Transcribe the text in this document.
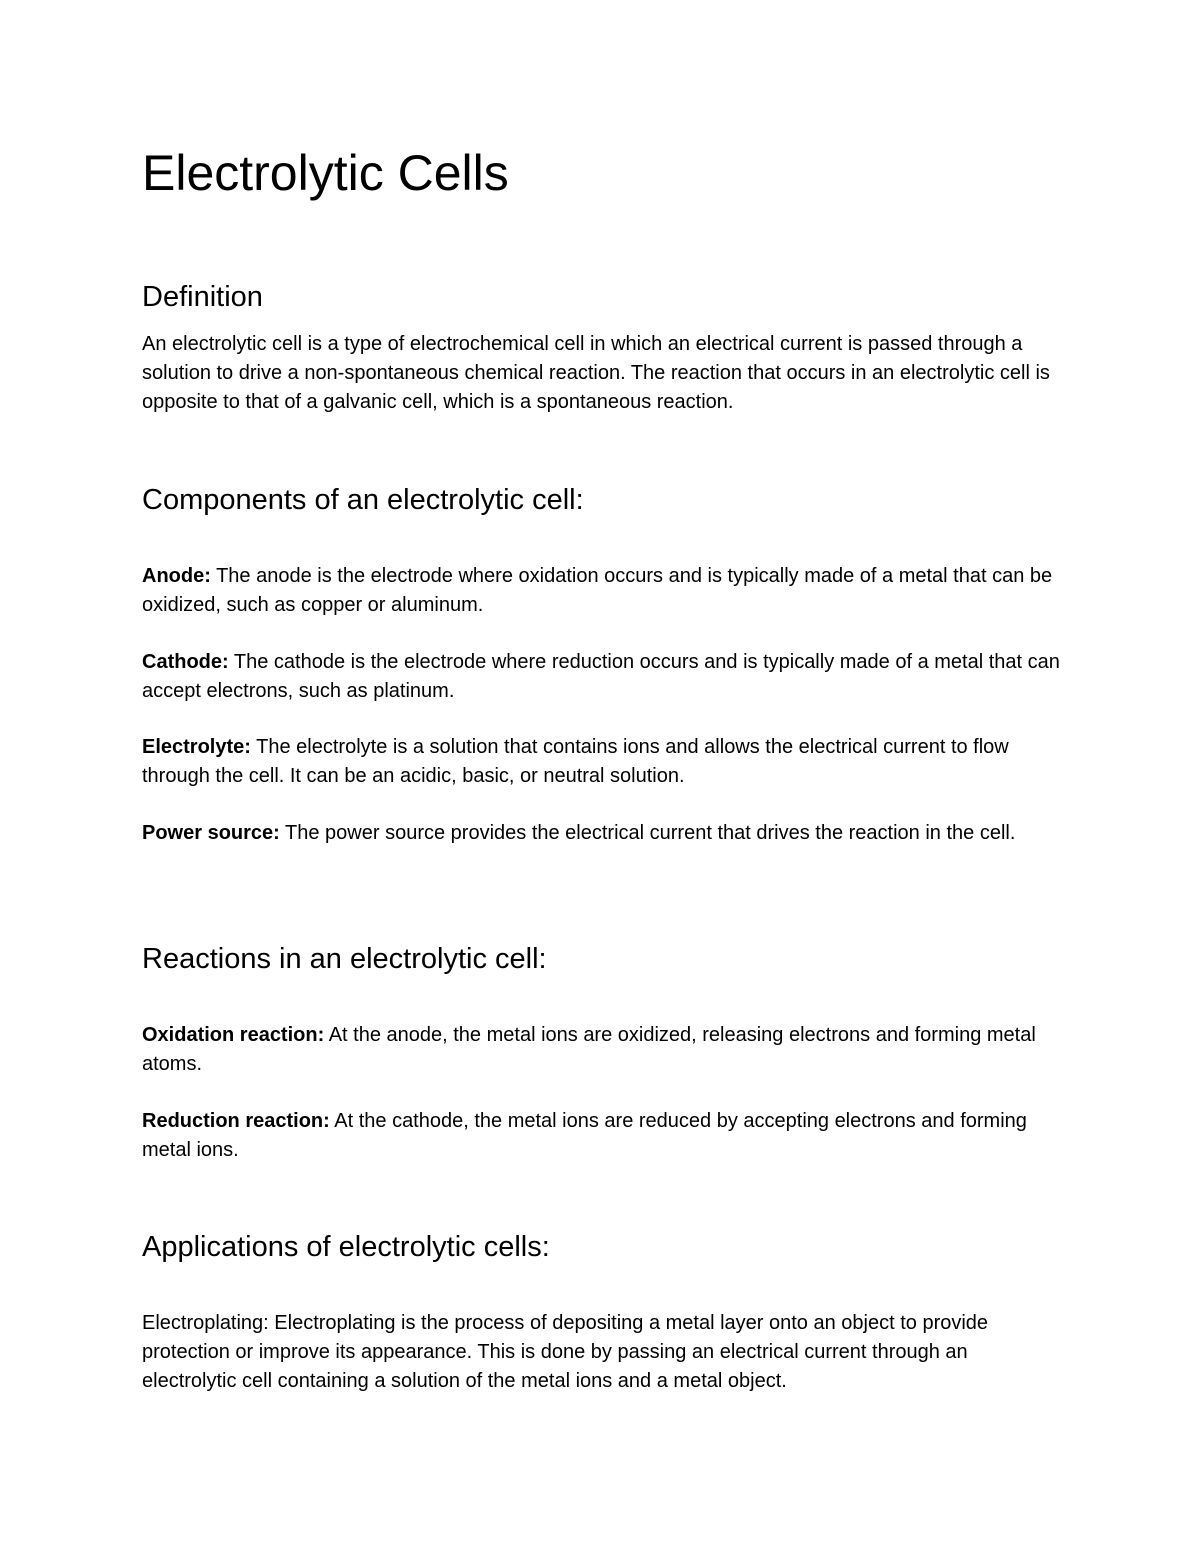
Electrolytic Cells
Definition

An electrolytic cell is a type of electrochemical cell in which an electrical current is passed through a solution to drive a non-spontaneous chemical reaction. The reaction that occurs in an electrolytic cell is opposite to that of a galvanic cell, which is a spontaneous reaction.

Components of an electrolytic cell:

Anode: The anode is the electrode where oxidation occurs and is typically made of a metal that can be oxidized, such as copper or aluminum.

Cathode: The cathode is the electrode where reduction occurs and is typically made of a metal that can accept electrons, such as platinum.

Electrolyte: The electrolyte is a solution that contains ions and allows the electrical current to flow through the cell. It can be an acidic, basic, or neutral solution.

Power source: The power source provides the electrical current that drives the reaction in the cell.

Reactions in an electrolytic cell:

Oxidation reaction: At the anode, the metal ions are oxidized, releasing electrons and forming metal atoms.

Reduction reaction: At the cathode, the metal ions are reduced by accepting electrons and forming metal ions.

Applications of electrolytic cells:

Electroplating: Electroplating is the process of depositing a metal layer onto an object to provide protection or improve its appearance. This is done by passing an electrical current through an electrolytic cell containing a solution of the metal ions and a metal object.
